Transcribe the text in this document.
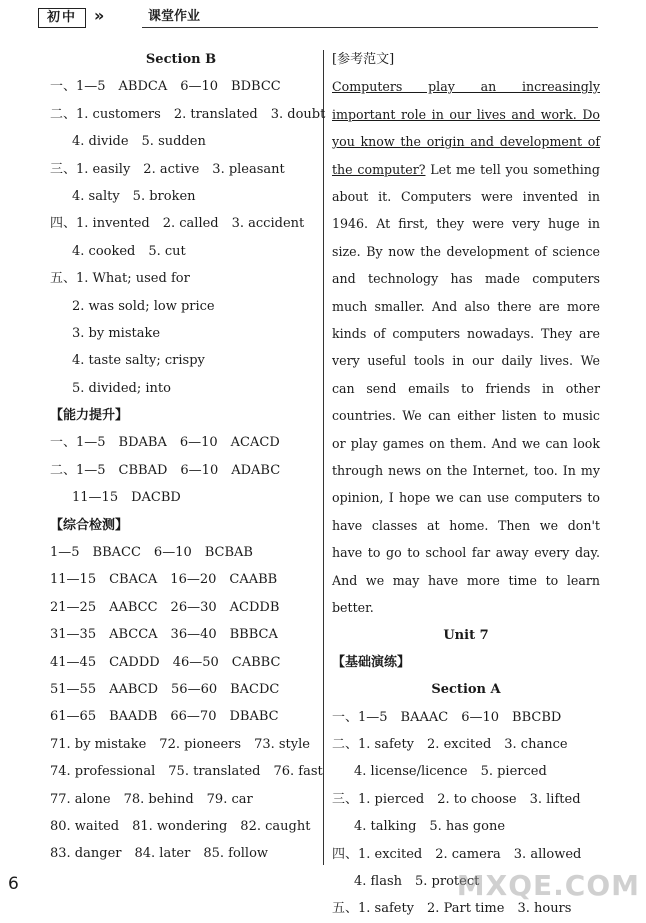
初中	»	课堂作业
Section B
一、1—5　ABDCA　6—10　BDBCC
二、1. customers　2. translated　3. doubt
4. divide　5. sudden
三、1. easily　2. active　3. pleasant
4. salty　5. broken
四、1. invented　2. called　3. accident
4. cooked　5. cut
五、1. What; used for
2. was sold; low price
3. by mistake
4. taste salty; crispy
5. divided; into
【能力提升】
一、1—5　BDABA　6—10　ACACD
二、1—5　CBBAD　6—10　ADABC
11—15　DACBD
【综合检测】
1—5　BBACC　6—10　BCBAB
11—15　CBACA　16—20　CAABB
21—25　AABCC　26—30　ACDDB
31—35　ABCCA　36—40　BBBCA
41—45　CADDD　46—50　CABBC
51—55　AABCD　56—60　BACDC
61—65　BAADB　66—70　DBABC
71. by mistake　72. pioneers　73. style
74. professional　75. translated　76. fast
77. alone　78. behind　79. car
80. waited　81. wondering　82. caught
83. danger　84. later　85. follow
[参考范文]
Computers play an increasingly important role in our lives and work. Do you know the origin and development of the computer? Let me tell you something about it. Computers were invented in 1946. At first, they were very huge in size. By now the development of science and technology has made computers much smaller. And also there are more kinds of computers nowadays. They are very useful tools in our daily lives. We can send emails to friends in other countries. We can either listen to music or play games on them. And we can look through news on the Internet, too. In my opinion, I hope we can use computers to have classes at home. Then we don't have to go to school far away every day. And we may have more time to learn better.
Unit 7
【基础演练】
Section A
一、1—5　BAAAC　6—10　BBCBD
二、1. safety　2. excited　3. chance
4. license/licence　5. pierced
三、1. pierced　2. to choose　3. lifted
4. talking　5. has gone
四、1. excited　2. camera　3. allowed
4. flash　5. protect
五、1. safety　2. Part time　3. hours
6	MXQE.COM
